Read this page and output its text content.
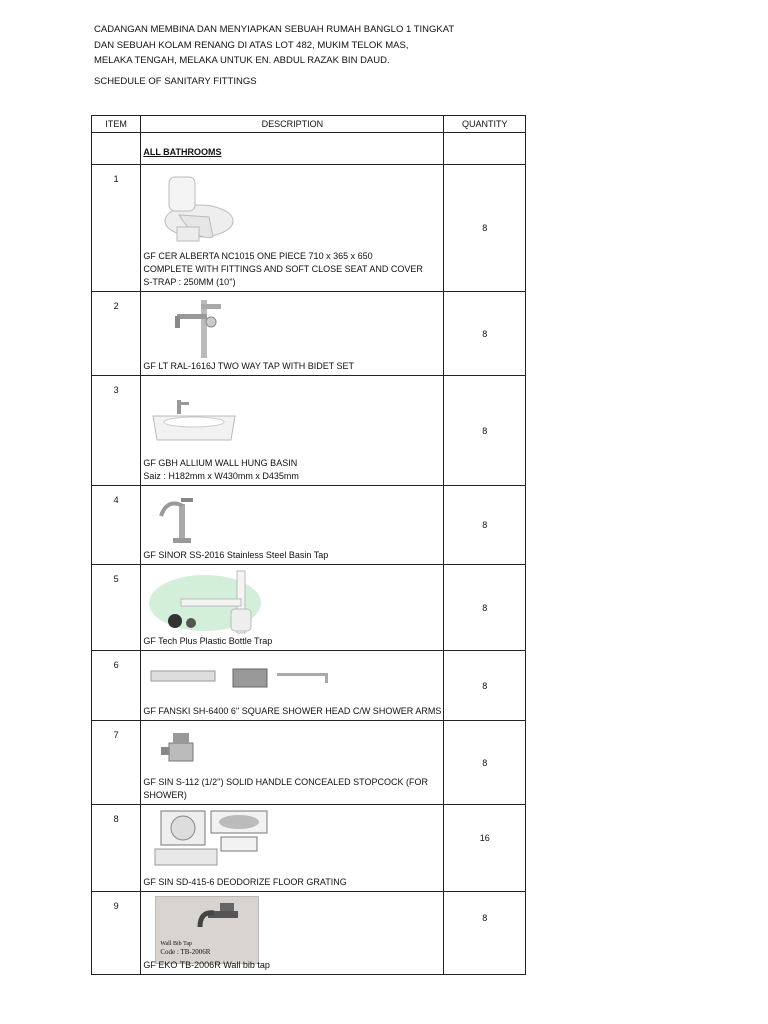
CADANGAN MEMBINA DAN MENYIAPKAN SEBUAH RUMAH BANGLO 1 TINGKAT
DAN SEBUAH KOLAM RENANG DI ATAS LOT 482, MUKIM TELOK MAS,
MELAKA TENGAH, MELAKA UNTUK EN. ABDUL RAZAK BIN DAUD.
SCHEDULE OF SANITARY FITTINGS
ITEM	DESCRIPTION	QUANTITY

	ALL BATHROOMS	

1	GF CER ALBERTA NC1015 ONE PIECE 710 x 365 x 650
COMPLETE WITH FITTINGS AND SOFT CLOSE SEAT AND COVER
S-TRAP : 250MM (10'')	8
2	GF LT RAL-1616J TWO WAY TAP WITH BIDET SET	8
3	GF GBH ALLIUM WALL HUNG BASIN
Saiz : H182mm x W430mm x D435mm	8
4	GF SINOR SS-2016 Stainless Steel Basin Tap	8
5	GF Tech Plus Plastic Bottle Trap	8
6	GF FANSKI SH-6400 6'' SQUARE SHOWER HEAD C/W SHOWER ARMS	8
7	GF SIN S-112 (1/2'') SOLID HANDLE CONCEALED STOPCOCK (FOR
SHOWER)	8
8	GF SIN SD-415-6 DEODORIZE FLOOR GRATING	16
9	Wall Bib Tap
Code : TB-2006R
GF EKO TB-2006R Wall bib tap	8
